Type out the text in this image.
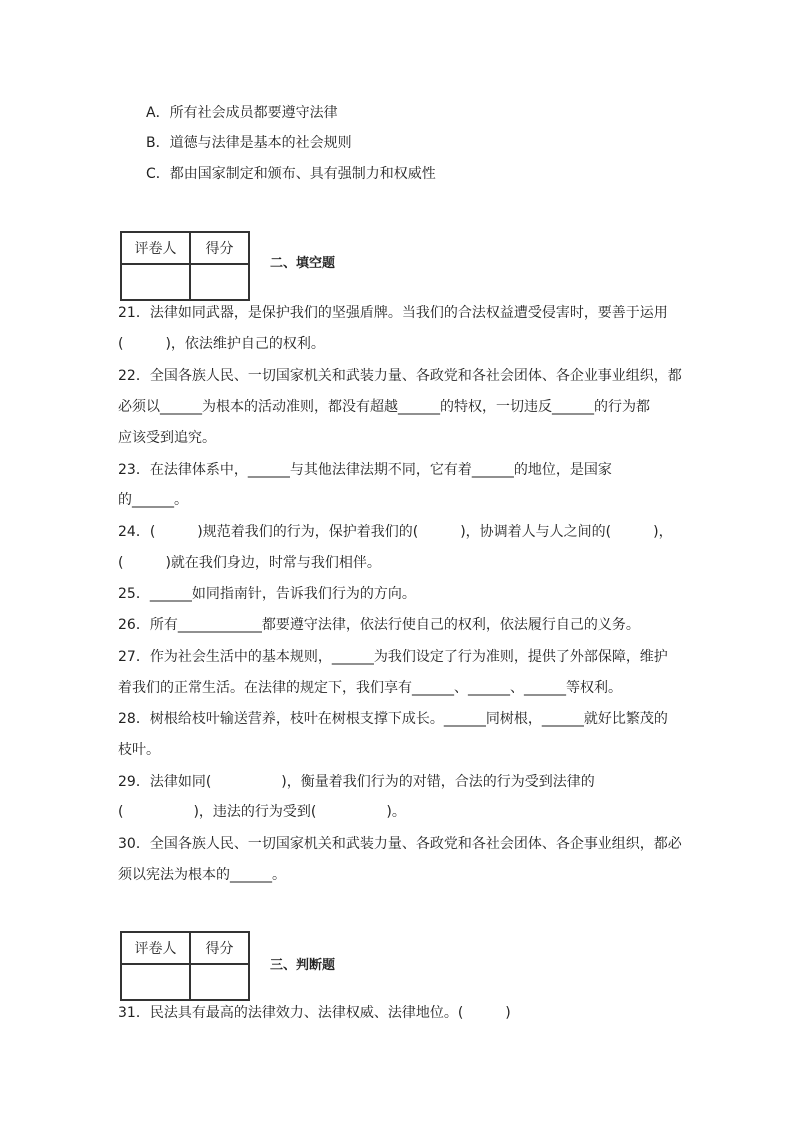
A．所有社会成员都要遵守法律
B．道德与法律是基本的社会规则
C．都由国家制定和颁布、具有强制力和权威性
评卷人	得分

二、填空题
21．法律如同武器，是保护我们的坚强盾牌。当我们的合法权益遭受侵害时，要善于运用
(　　　)，依法维护自己的权利。
22．全国各族人民、一切国家机关和武装力量、各政党和各社会团体、各企业事业组织，都
必须以______为根本的活动准则，都没有超越______的特权，一切违反______的行为都
应该受到追究。
23．在法律体系中，______与其他法律法期不同，它有着______的地位，是国家
的______。
24．(　　　)规范着我们的行为，保护着我们的(　　　)，协调着人与人之间的(　　　)，
(　　　)就在我们身边，时常与我们相伴。
25．______如同指南针，告诉我们行为的方向。
26．所有____________都要遵守法律，依法行使自己的权利，依法履行自己的义务。
27．作为社会生活中的基本规则，______为我们设定了行为准则，提供了外部保障，维护
着我们的正常生活。在法律的规定下，我们享有______、______、______等权利。
28．树根给枝叶输送营养，枝叶在树根支撑下成长。______同树根，______就好比繁茂的
枝叶。
29．法律如同(　　　　　)，衡量着我们行为的对错，合法的行为受到法律的
(　　　　　)，违法的行为受到(　　　　　)。
30．全国各族人民、一切国家机关和武装力量、各政党和各社会团体、各企事业组织，都必
须以宪法为根本的______。
评卷人	得分

三、判断题
31．民法具有最高的法律效力、法律权威、法律地位。(　　　)
